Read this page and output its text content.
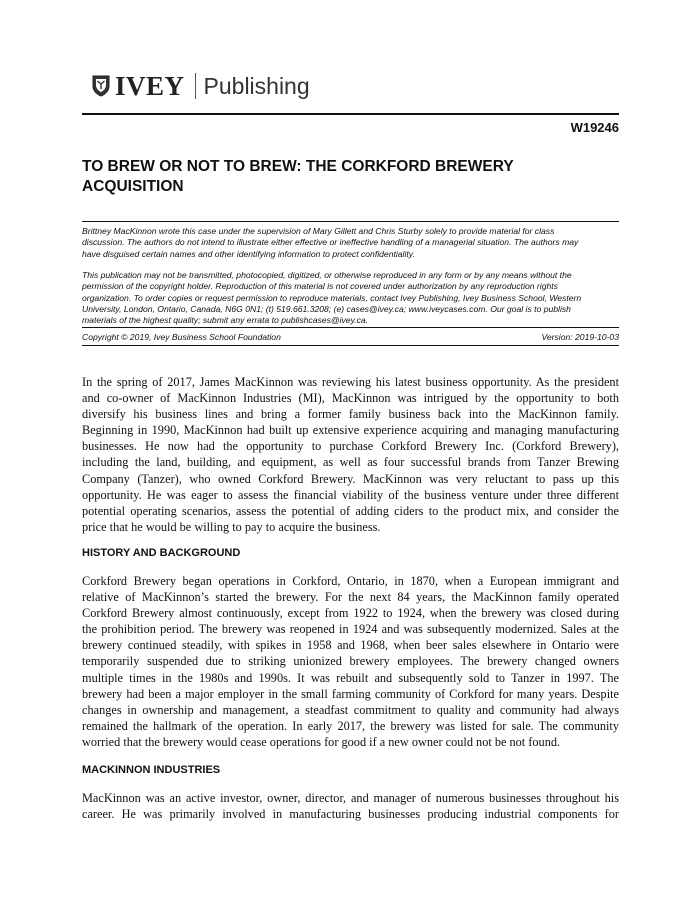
IVEY Publishing
W19246
TO BREW OR NOT TO BREW: THE CORKFORD BREWERY
ACQUISITION
Brittney MacKinnon wrote this case under the supervision of Mary Gillett and Chris Sturby solely to provide material for class
discussion. The authors do not intend to illustrate either effective or ineffective handling of a managerial situation. The authors may
have disguised certain names and other identifying information to protect confidentiality.
This publication may not be transmitted, photocopied, digitized, or otherwise reproduced in any form or by any means without the
permission of the copyright holder. Reproduction of this material is not covered under authorization by any reproduction rights
organization. To order copies or request permission to reproduce materials, contact Ivey Publishing, Ivey Business School, Western
University, London, Ontario, Canada, N6G 0N1; (t) 519.661.3208; (e) cases@ivey.ca; www.iveycases.com. Our goal is to publish
materials of the highest quality; submit any errata to publishcases@ivey.ca.
Copyright © 2019, Ivey Business School Foundation	Version: 2019-10-03
In the spring of 2017, James MacKinnon was reviewing his latest business opportunity. As the president
and co-owner of MacKinnon Industries (MI), MacKinnon was intrigued by the opportunity to both
diversify his business lines and bring a former family business back into the MacKinnon family.
Beginning in 1990, MacKinnon had built up extensive experience acquiring and managing manufacturing
businesses. He now had the opportunity to purchase Corkford Brewery Inc. (Corkford Brewery),
including the land, building, and equipment, as well as four successful brands from Tanzer Brewing
Company (Tanzer), who owned Corkford Brewery. MacKinnon was very reluctant to pass up this
opportunity. He was eager to assess the financial viability of the business venture under three different
potential operating scenarios, assess the potential of adding ciders to the product mix, and consider the
price that he would be willing to pay to acquire the business.
HISTORY AND BACKGROUND
Corkford Brewery began operations in Corkford, Ontario, in 1870, when a European immigrant and
relative of MacKinnon’s started the brewery. For the next 84 years, the MacKinnon family operated
Corkford Brewery almost continuously, except from 1922 to 1924, when the brewery was closed during
the prohibition period. The brewery was reopened in 1924 and was subsequently modernized. Sales at the
brewery continued steadily, with spikes in 1958 and 1968, when beer sales elsewhere in Ontario were
temporarily suspended due to striking unionized brewery employees. The brewery changed owners
multiple times in the 1980s and 1990s. It was rebuilt and subsequently sold to Tanzer in 1997. The
brewery had been a major employer in the small farming community of Corkford for many years. Despite
changes in ownership and management, a steadfast commitment to quality and community had always
remained the hallmark of the operation. In early 2017, the brewery was listed for sale. The community
worried that the brewery would cease operations for good if a new owner could not be not found.
MACKINNON INDUSTRIES
MacKinnon was an active investor, owner, director, and manager of numerous businesses throughout his
career. He was primarily involved in manufacturing businesses producing industrial components for
